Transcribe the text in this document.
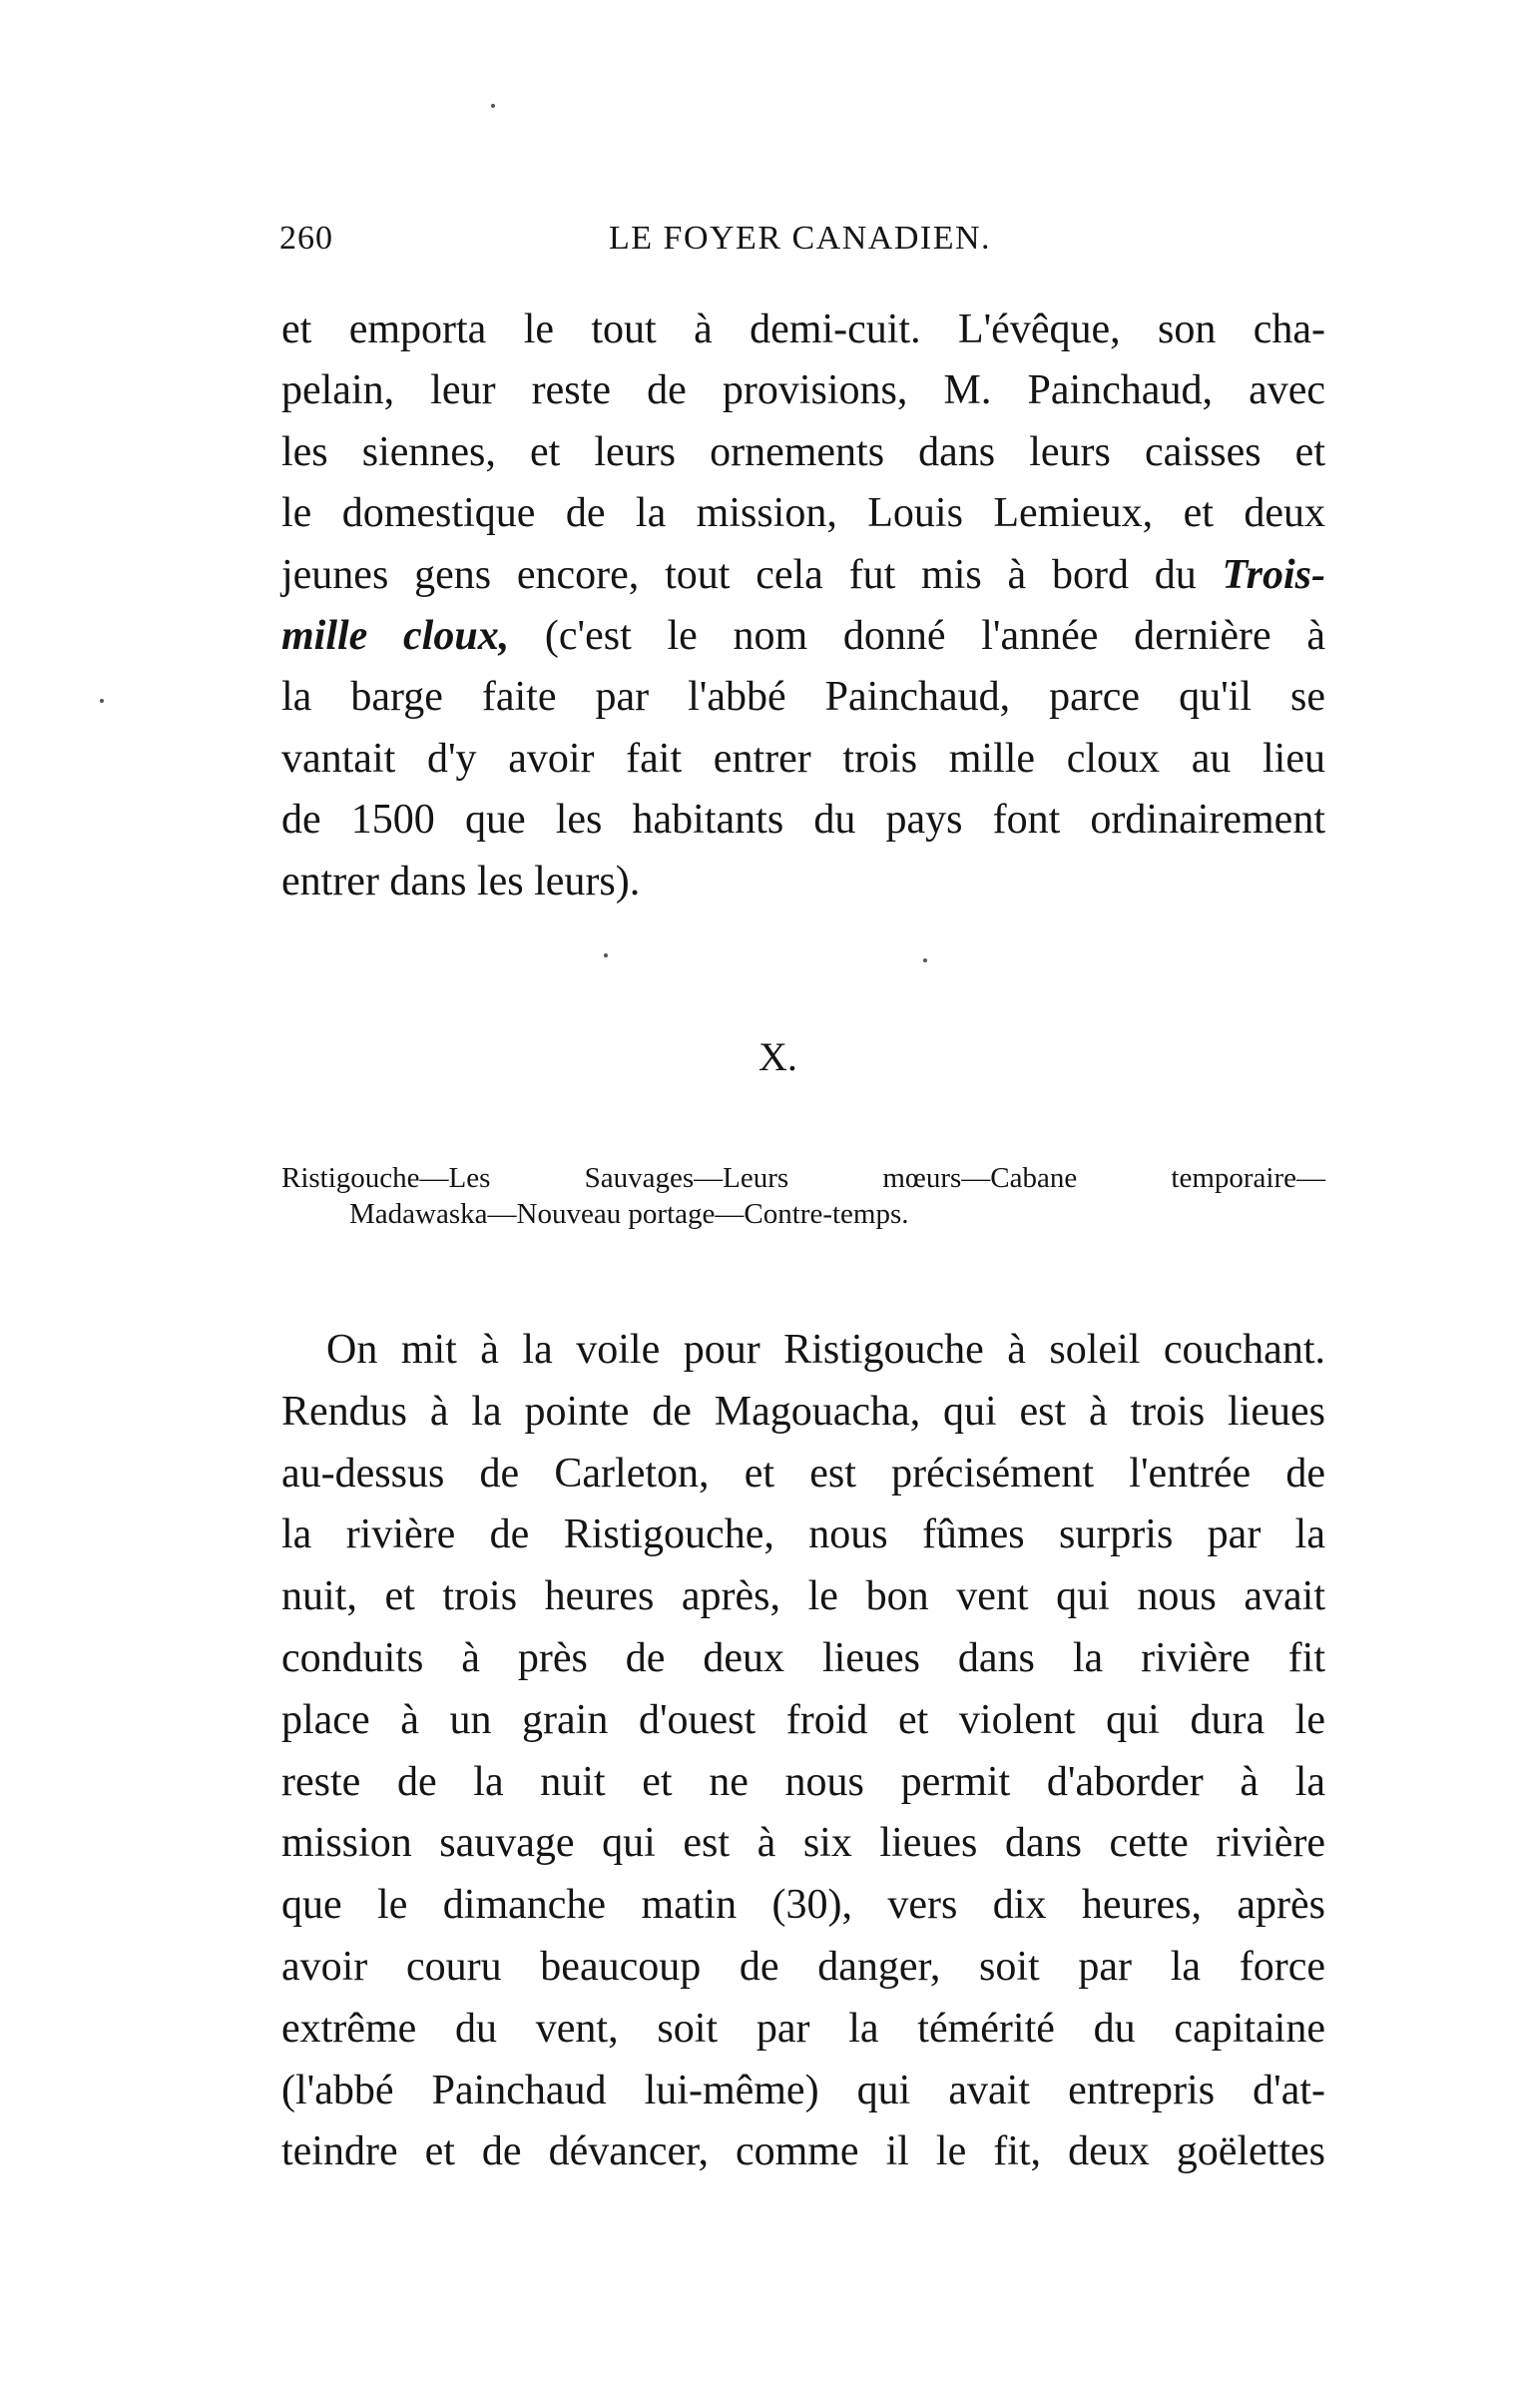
260	LE FOYER CANADIEN.
et emporta le tout à demi-cuit. L'évêque, son cha-
pelain, leur reste de provisions, M. Painchaud, avec
les siennes, et leurs ornements dans leurs caisses et
le domestique de la mission, Louis Lemieux, et deux
jeunes gens encore, tout cela fut mis à bord du Trois-
mille cloux, (c'est le nom donné l'année dernière à
la barge faite par l'abbé Painchaud, parce qu'il se
vantait d'y avoir fait entrer trois mille cloux au lieu
de 1500 que les habitants du pays font ordinairement
entrer dans les leurs).
X.
Ristigouche—Les Sauvages—Leurs mœurs—Cabane temporaire—
Madawaska—Nouveau portage—Contre-temps.
On mit à la voile pour Ristigouche à soleil couchant.
Rendus à la pointe de Magouacha, qui est à trois lieues
au-dessus de Carleton, et est précisément l'entrée de
la rivière de Ristigouche, nous fûmes surpris par la
nuit, et trois heures après, le bon vent qui nous avait
conduits à près de deux lieues dans la rivière fit
place à un grain d'ouest froid et violent qui dura le
reste de la nuit et ne nous permit d'aborder à la
mission sauvage qui est à six lieues dans cette rivière
que le dimanche matin (30), vers dix heures, après
avoir couru beaucoup de danger, soit par la force
extrême du vent, soit par la témérité du capitaine
(l'abbé Painchaud lui-même) qui avait entrepris d'at-
teindre et de dévancer, comme il le fit, deux goëlettes
